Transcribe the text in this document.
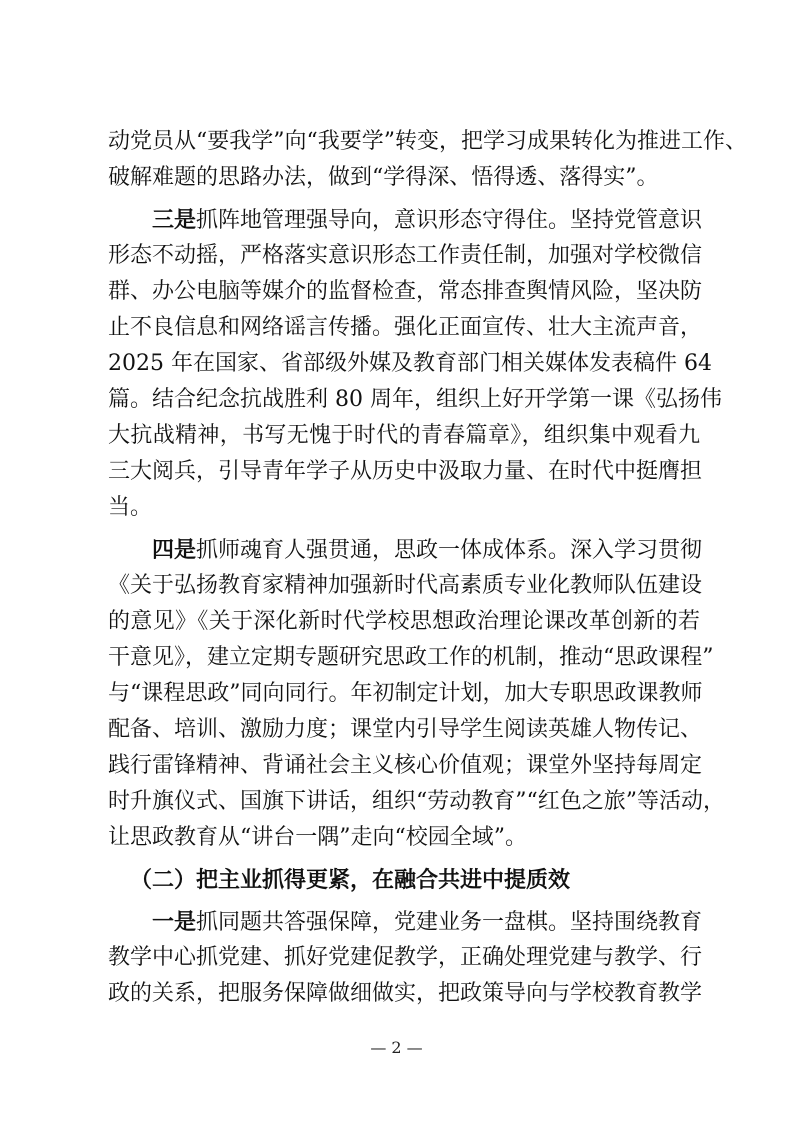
动党员从“要我学”向“我要学”转变，把学习成果转化为推进工作、
破解难题的思路办法，做到“学得深、悟得透、落得实”。
三是抓阵地管理强导向，意识形态守得住。坚持党管意识
形态不动摇，严格落实意识形态工作责任制，加强对学校微信
群、办公电脑等媒介的监督检查，常态排查舆情风险，坚决防
止不良信息和网络谣言传播。强化正面宣传、壮大主流声音，
2025 年在国家、省部级外媒及教育部门相关媒体发表稿件 64
篇。结合纪念抗战胜利 80 周年，组织上好开学第一课《弘扬伟
大抗战精神，书写无愧于时代的青春篇章》，组织集中观看九
三大阅兵，引导青年学子从历史中汲取力量、在时代中挺膺担
当。
四是抓师魂育人强贯通，思政一体成体系。深入学习贯彻
《关于弘扬教育家精神加强新时代高素质专业化教师队伍建设
的意见》《关于深化新时代学校思想政治理论课改革创新的若
干意见》，建立定期专题研究思政工作的机制，推动“思政课程”
与“课程思政”同向同行。年初制定计划，加大专职思政课教师
配备、培训、激励力度；课堂内引导学生阅读英雄人物传记、
践行雷锋精神、背诵社会主义核心价值观；课堂外坚持每周定
时升旗仪式、国旗下讲话，组织“劳动教育”“红色之旅”等活动，
让思政教育从“讲台一隅”走向“校园全域”。
（二）把主业抓得更紧，在融合共进中提质效
一是抓同题共答强保障，党建业务一盘棋。坚持围绕教育
教学中心抓党建、抓好党建促教学，正确处理党建与教学、行
政的关系，把服务保障做细做实，把政策导向与学校教育教学
— 2 —
